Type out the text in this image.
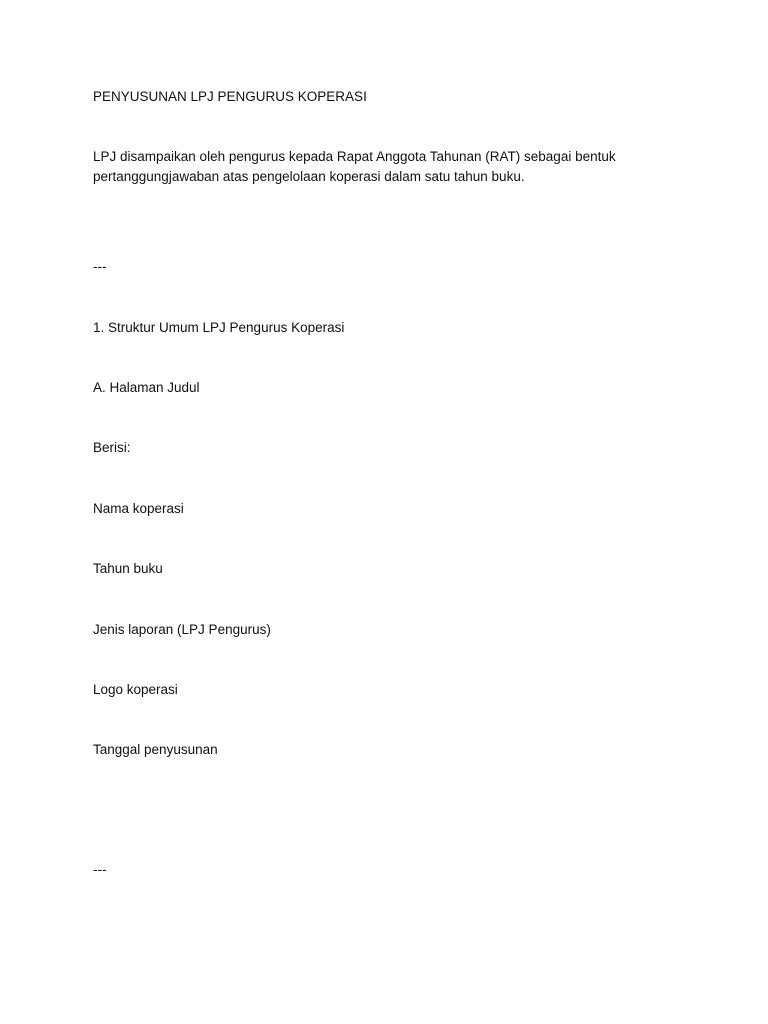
PENYUSUNAN LPJ PENGURUS KOPERASI
LPJ disampaikan oleh pengurus kepada Rapat Anggota Tahunan (RAT) sebagai bentuk
pertanggungjawaban atas pengelolaan koperasi dalam satu tahun buku.
---
1. Struktur Umum LPJ Pengurus Koperasi
A. Halaman Judul
Berisi:
Nama koperasi
Tahun buku
Jenis laporan (LPJ Pengurus)
Logo koperasi
Tanggal penyusunan
---
